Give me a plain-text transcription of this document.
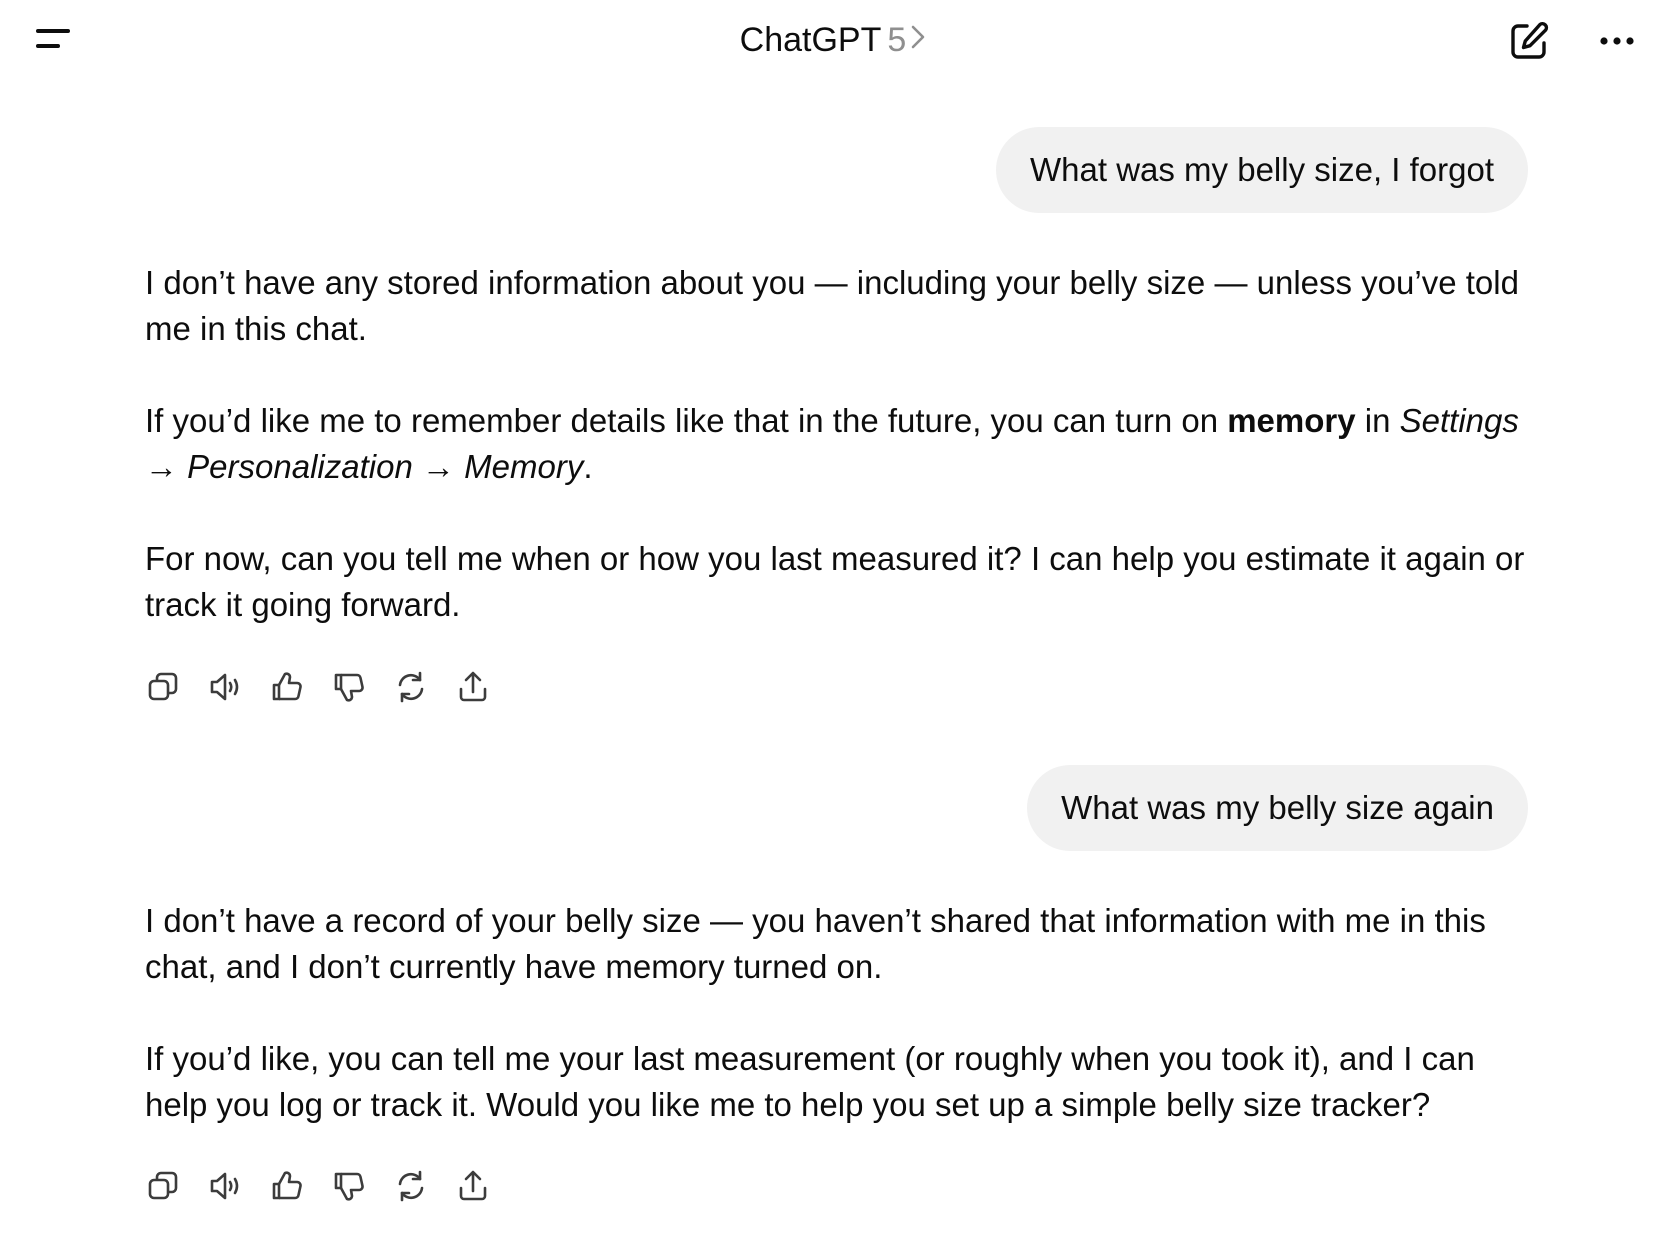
ChatGPT 5
What was my belly size, I forgot

I don’t have any stored information about you — including your belly size — unless you’ve told me in this chat.

If you’d like me to remember details like that in the future, you can turn on memory in Settings → Personalization → Memory.

For now, can you tell me when or how you last measured it? I can help you estimate it again or track it going forward.

What was my belly size again

I don’t have a record of your belly size — you haven’t shared that information with me in this chat, and I don’t currently have memory turned on.

If you’d like, you can tell me your last measurement (or roughly when you took it), and I can help you log or track it. Would you like me to help you set up a simple belly size tracker?
